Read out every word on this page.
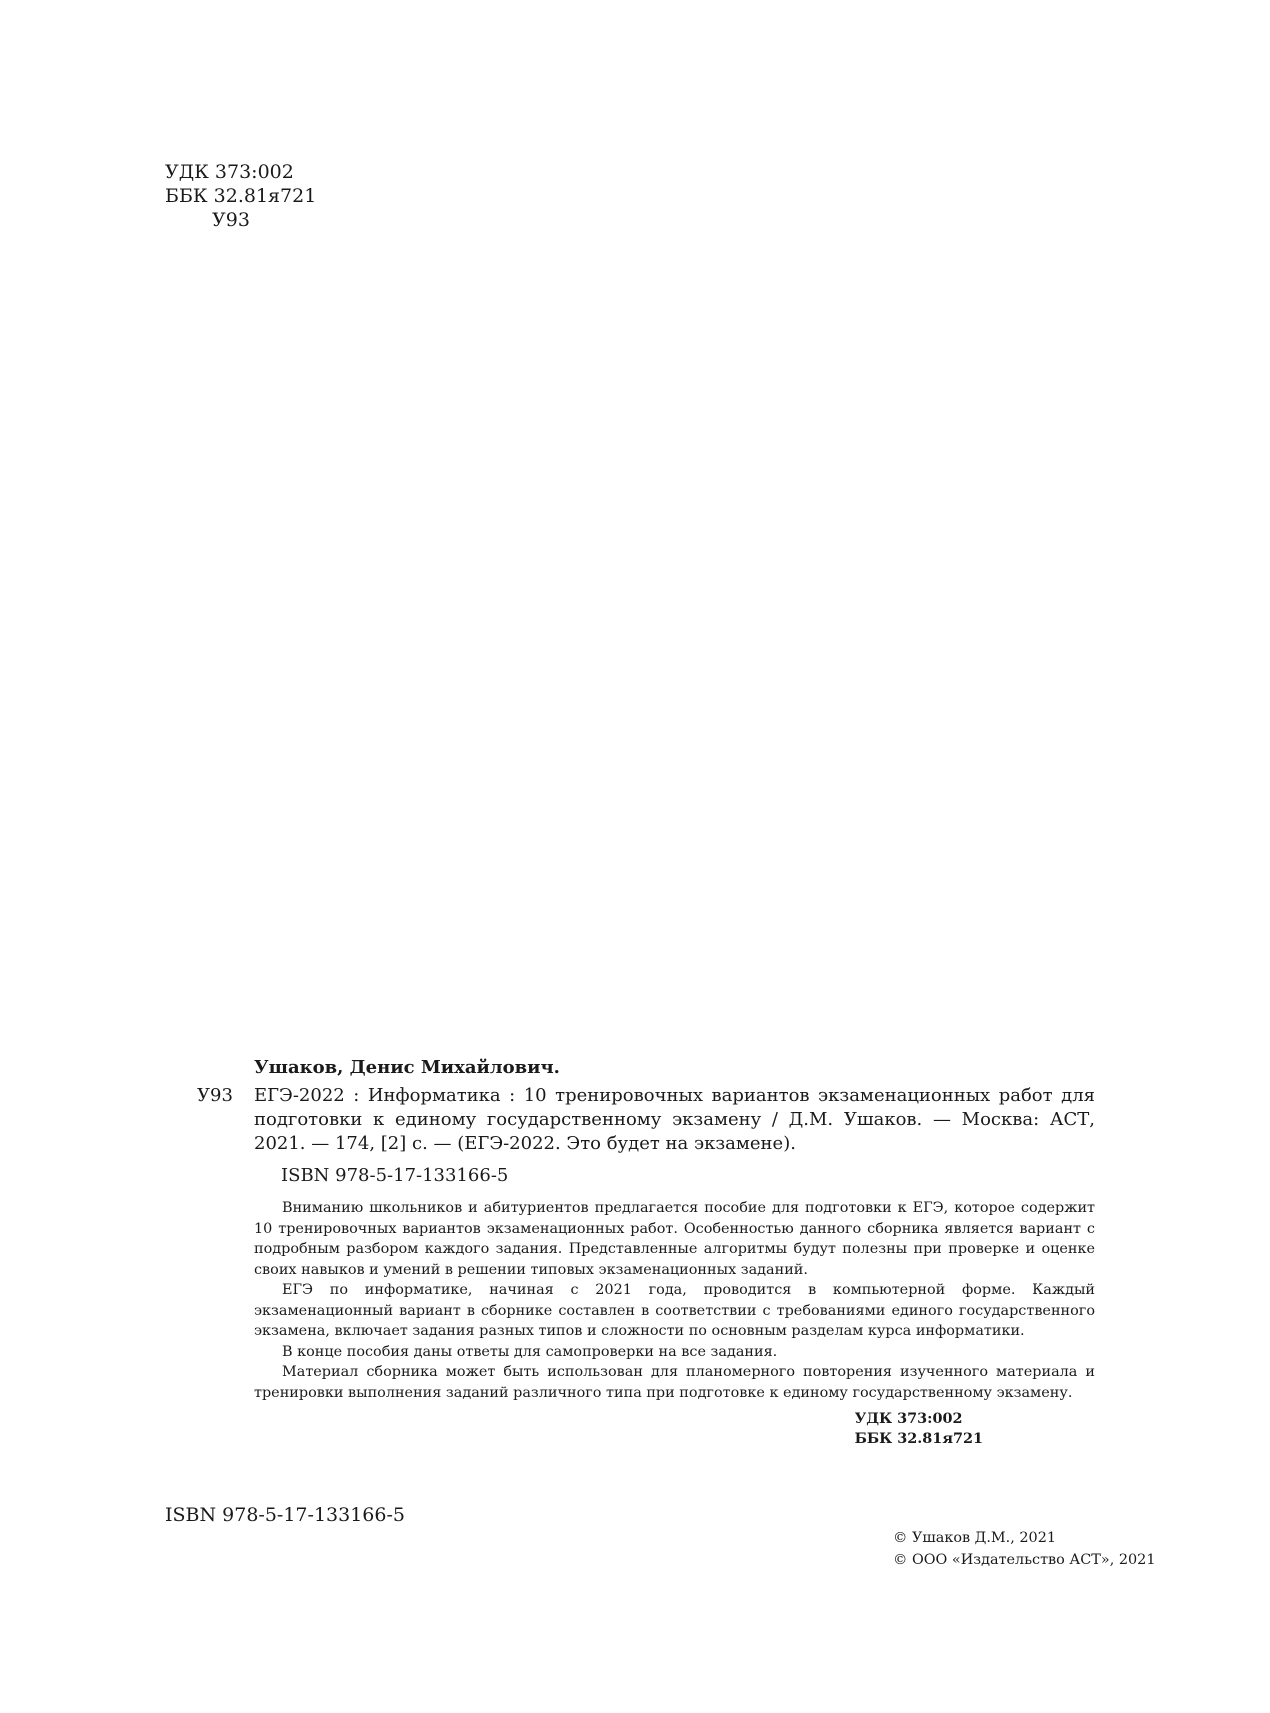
УДК 373:002
ББК 32.81я721
У93
Ушаков, Денис Михайлович.
У93 ЕГЭ-2022 : Информатика : 10 тренировочных вариантов экзаменационных работ для подготовки к единому государственному экзамену / Д.М. Ушаков. — Москва: АСТ, 2021. — 174, [2] с. — (ЕГЭ-2022. Это будет на экзамене).
ISBN 978-5-17-133166-5

Вниманию школьников и абитуриентов предлагается пособие для подготовки к ЕГЭ, которое содержит 10 тренировочных вариантов экзаменационных работ. Особенностью данного сборника является вариант с подробным разбором каждого задания. Представленные алгоритмы будут полезны при проверке и оценке своих навыков и умений в решении типовых экзаменационных заданий.

ЕГЭ по информатике, начиная с 2021 года, проводится в компьютерной форме. Каждый экзаменационный вариант в сборнике составлен в соответствии с требованиями единого государственного экзамена, включает задания разных типов и сложности по основным разделам курса информатики.

В конце пособия даны ответы для самопроверки на все задания.

Материал сборника может быть использован для планомерного повторения изученного материала и тренировки выполнения заданий различного типа при подготовке к единому государственному экзамену.

УДК 373:002
ББК 32.81я721
ISBN 978-5-17-133166-5
© Ушаков Д.М., 2021
© ООО «Издательство АСТ», 2021
